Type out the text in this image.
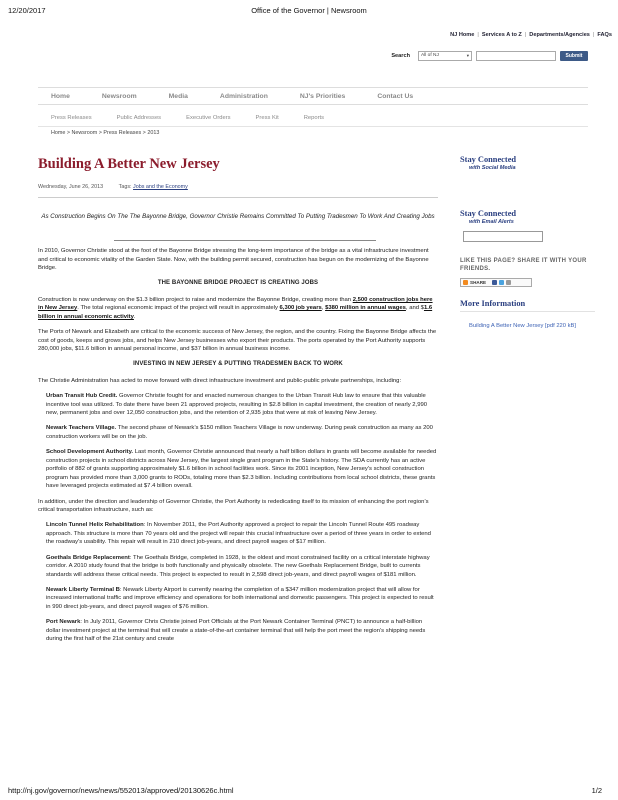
12/20/2017	Office of the Governor | Newsroom
NJ Home | Services A to Z | Departments/Agencies | FAQs
Search	All of NJ	▾	Submit
Home	Newsroom	Media	Administration	NJ's Priorities	Contact Us
Press Releases	Public Addresses	Executive Orders	Press Kit	Reports
Home > Newsroom > Press Releases > 2013
Building A Better New Jersey
Wednesday, June 26, 2013	Tags: Jobs and the Economy
As Construction Begins On The The Bayonne Bridge, Governor Christie Remains Committed To Putting Tradesmen To Work And Creating Jobs

In 2010, Governor Christie stood at the foot of the Bayonne Bridge stressing the long-term importance of the bridge as a vital infrastructure investment and critical to economic vitality of the Garden State. Now, with the building permit secured, construction has begun on the modernizing of the Bayonne Bridge.

THE BAYONNE BRIDGE PROJECT IS CREATING JOBS

Construction is now underway on the $1.3 billion project to raise and modernize the Bayonne Bridge, creating more than 2,500 construction jobs here in New Jersey. The total regional economic impact of the project will result in approximately 6,300 job years, $380 million in annual wages, and $1.6 billion in annual economic activity.

The Ports of Newark and Elizabeth are critical to the economic success of New Jersey, the region, and the country. Fixing the Bayonne Bridge affects the cost of goods, keeps and grows jobs, and helps New Jersey businesses who export their products. The ports operated by the Port Authority supports 280,000 jobs, $11.6 billion in annual personal income, and $37 billion in annual business income.

INVESTING IN NEW JERSEY & PUTTING TRADESMEN BACK TO WORK

The Christie Administration has acted to move forward with direct infrastructure investment and public-public private partnerships, including:

Urban Transit Hub Credit. Governor Christie fought for and enacted numerous changes to the Urban Transit Hub law to ensure that this valuable incentive tool was utilized. To date there have been 21 approved projects, resulting in $2.8 billion in capital investment, the creation of nearly 2,990 new, permanent jobs and over 12,050 construction jobs, and the retention of 2,935 jobs that were at risk of leaving New Jersey.

Newark Teachers Village. The second phase of Newark’s $150 million Teachers Village is now underway. During peak construction as many as 200 construction workers will be on the job.

School Development Authority. Last month, Governor Christie announced that nearly a half billion dollars in grants will become available for needed construction projects in school districts across New Jersey, the largest single grant program in the State’s history. The SDA currently has an active portfolio of 882 of grants supporting approximately $1.6 billion in school facilities work. Since its 2001 inception, New Jersey's school construction program has provided more than 3,000 grants to RODs, totaling more than $2.3 billion. Including contributions from local school districts, these grants have leveraged projects estimated at $7.4 billion overall.

In addition, under the direction and leadership of Governor Christie, the Port Authority is rededicating itself to its mission of enhancing the port region’s critical transportation infrastructure, such as:

Lincoln Tunnel Helix Rehabilitation: In November 2011, the Port Authority approved a project to repair the Lincoln Tunnel Route 495 roadway approach. This structure is more than 70 years old and the project will repair this crucial infrastructure over a period of three years in order to extend the roadway's usability. This repair will result in 210 direct job-years, and direct payroll wages of $17 million.

Goethals Bridge Replacement: The Goethals Bridge, completed in 1928, is the oldest and most constrained facility on a critical interstate highway corridor. A 2010 study found that the bridge is both functionally and physically obsolete. The new Goethals Replacement Bridge, built to currents standards will address these critical needs. This project is expected to result in 2,598 direct job-years, and direct payroll wages of $181 million.

Newark Liberty Terminal B: Newark Liberty Airport is currently nearing the completion of a $347 million modernization project that will allow for increased international traffic and improve efficiency and operations for both international and domestic passengers. This project is expected to result in 990 direct job-years, and direct payroll wages of $76 million.

Port Newark: In July 2011, Governor Chris Christie joined Port Officials at the Port Newark Container Terminal (PNCT) to announce a half-billion dollar investment project at the terminal that will create a state-of-the-art container terminal that will help the port meet the region’s shipping needs during the first half of the 21st century and create

Stay Connected
with Social Media
Stay Connected
with Email Alerts
LIKE THIS PAGE? SHARE IT WITH YOUR FRIENDS.
SHARE
More Information
Building A Better New Jersey [pdf 220 kB]
http://nj.gov/governor/news/news/552013/approved/20130626c.html	1/2
